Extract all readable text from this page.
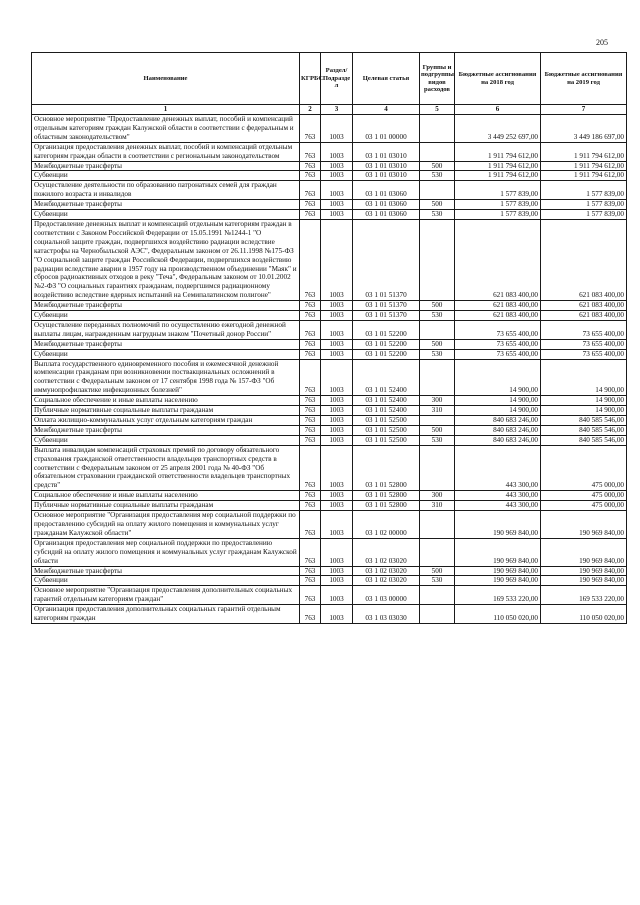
205
Наименование	КГРБС	Раздел/ Подразде л	Целевая статья	Группы и подгруппы видов расходов	Бюджетные ассигнования на 2018 год	Бюджетные ассигнования на 2019 год
1	2	3	4	5	6	7
Основное мероприятие "Предоставление денежных выплат, пособий и компенсаций отдельным категориям граждан Калужской области в соответствии с федеральным и областным законодательством"	763	1003	03 1 01 00000		3 449 252 697,00	3 449 186 697,00
Организация предоставления денежных выплат, пособий и компенсаций отдельным категориям граждан области в соответствии с региональным законодательством	763	1003	03 1 01 03010		1 911 794 612,00	1 911 794 612,00
Межбюджетные трансферты	763	1003	03 1 01 03010	500	1 911 794 612,00	1 911 794 612,00
Субвенции	763	1003	03 1 01 03010	530	1 911 794 612,00	1 911 794 612,00
Осуществление деятельности по образованию патронатных семей для граждан пожилого возраста и инвалидов	763	1003	03 1 01 03060		1 577 839,00	1 577 839,00
Межбюджетные трансферты	763	1003	03 1 01 03060	500	1 577 839,00	1 577 839,00
Субвенции	763	1003	03 1 01 03060	530	1 577 839,00	1 577 839,00
Предоставление денежных выплат и компенсаций отдельным категориям граждан в соответствии с Законом Российской Федерации от 15.05.1991 №1244-1 "О социальной защите граждан, подвергшихся воздействию радиации вследствие катастрофы на Чернобыльской АЭС", Федеральным законом от 26.11.1998 №175-ФЗ "О социальной защите граждан Российской Федерации, подвергшихся воздействию радиации вследствие аварии в 1957 году на производственном объединении "Маяк" и сбросов радиоактивных отходов в реку "Теча", Федеральным законом от 10.01.2002 №2-ФЗ "О социальных гарантиях гражданам, подвергшимся радиационному воздействию вследствие ядерных испытаний на Семипалатинском полигоне"	763	1003	03 1 01 51370		621 083 400,00	621 083 400,00
Межбюджетные трансферты	763	1003	03 1 01 51370	500	621 083 400,00	621 083 400,00
Субвенции	763	1003	03 1 01 51370	530	621 083 400,00	621 083 400,00
Осуществление переданных полномочий по осуществлению ежегодной денежной выплаты лицам, награжденным нагрудным знаком "Почетный донор России"	763	1003	03 1 01 52200		73 655 400,00	73 655 400,00
Межбюджетные трансферты	763	1003	03 1 01 52200	500	73 655 400,00	73 655 400,00
Субвенции	763	1003	03 1 01 52200	530	73 655 400,00	73 655 400,00
Выплата государственного единовременного пособия и ежемесячной денежной компенсации гражданам при возникновении поствакцинальных осложнений в соответствии с Федеральным законом от 17 сентября 1998 года № 157-ФЗ "Об иммунопрофилактике инфекционных болезней"	763	1003	03 1 01 52400		14 900,00	14 900,00
Социальное обеспечение и иные выплаты населению	763	1003	03 1 01 52400	300	14 900,00	14 900,00
Публичные нормативные социальные выплаты гражданам	763	1003	03 1 01 52400	310	14 900,00	14 900,00
Оплата жилищно-коммунальных услуг отдельным категориям граждан	763	1003	03 1 01 52500		840 683 246,00	840 585 546,00
Межбюджетные трансферты	763	1003	03 1 01 52500	500	840 683 246,00	840 585 546,00
Субвенции	763	1003	03 1 01 52500	530	840 683 246,00	840 585 546,00
Выплата инвалидам компенсаций страховых премий по договору обязательного страхования гражданской ответственности владельцев транспортных средств в соответствии с Федеральным законом от 25 апреля 2001 года № 40-ФЗ "Об обязательном страховании гражданской ответственности владельцев транспортных средств"	763	1003	03 1 01 52800		443 300,00	475 000,00
Социальное обеспечение и иные выплаты населению	763	1003	03 1 01 52800	300	443 300,00	475 000,00
Публичные нормативные социальные выплаты гражданам	763	1003	03 1 01 52800	310	443 300,00	475 000,00
Основное мероприятие "Организация предоставления мер социальной поддержки по предоставлению субсидий на оплату жилого помещения и коммунальных услуг гражданам Калужской области"	763	1003	03 1 02 00000		190 969 840,00	190 969 840,00
Организация предоставления мер социальной поддержки по предоставлению субсидий на оплату жилого помещения и коммунальных услуг гражданам Калужской области	763	1003	03 1 02 03020		190 969 840,00	190 969 840,00
Межбюджетные трансферты	763	1003	03 1 02 03020	500	190 969 840,00	190 969 840,00
Субвенции	763	1003	03 1 02 03020	530	190 969 840,00	190 969 840,00
Основное мероприятие "Организация предоставления дополнительных социальных гарантий отдельным категориям граждан"	763	1003	03 1 03 00000		169 533 220,00	169 533 220,00
Организация предоставления дополнительных социальных гарантий отдельным категориям граждан	763	1003	03 1 03 03030		110 050 020,00	110 050 020,00
